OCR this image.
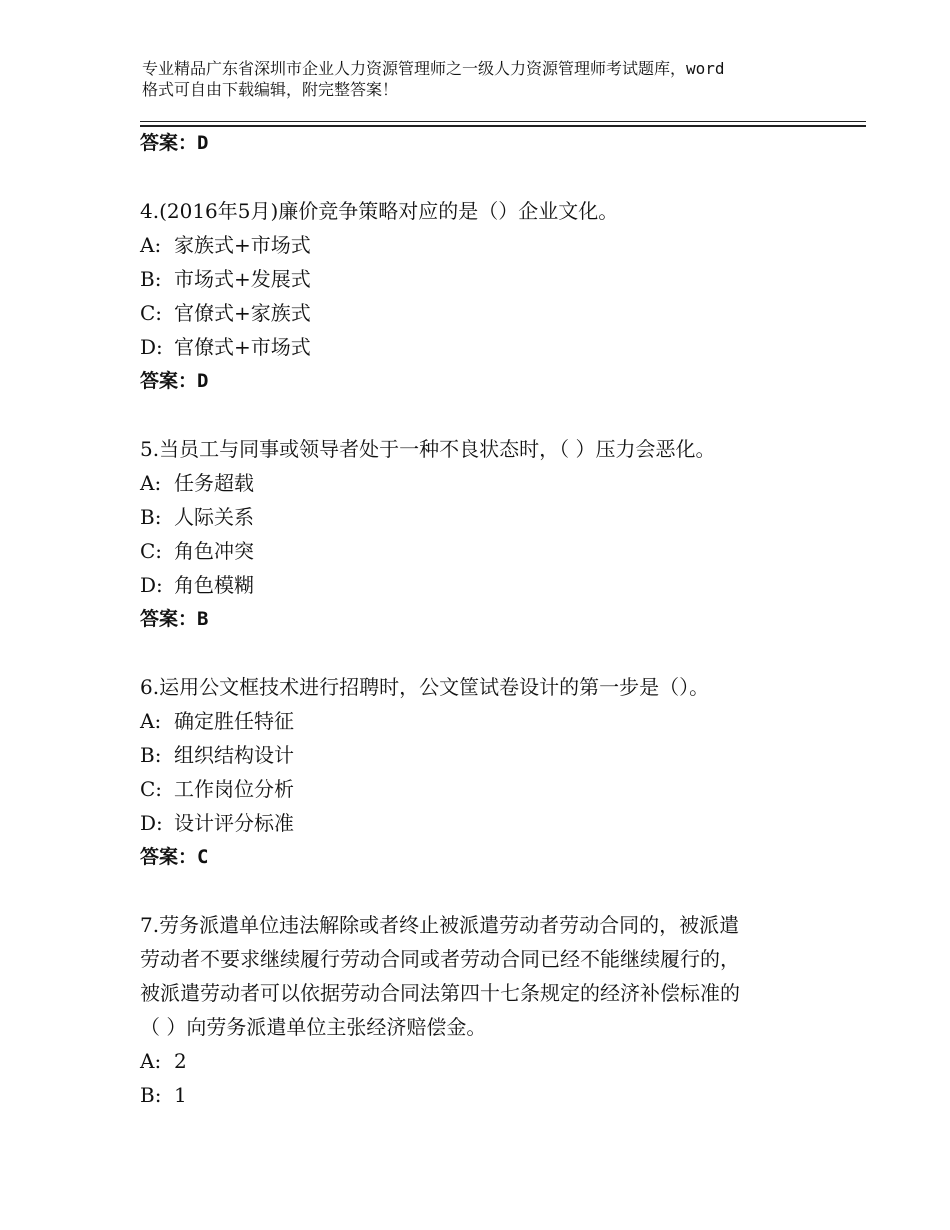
专业精品广东省深圳市企业人力资源管理师之一级人力资源管理师考试题库，word
格式可自由下载编辑，附完整答案！
答案：D
4.(2016年5月)廉价竞争策略对应的是（）企业文化。
A: 家族式+市场式
B: 市场式+发展式
C: 官僚式+家族式
D: 官僚式+市场式
答案：D
5.当员工与同事或领导者处于一种不良状态时，（ ）压力会恶化。
A: 任务超载
B: 人际关系
C: 角色冲突
D: 角色模糊
答案：B
6.运用公文框技术进行招聘时，公文筐试卷设计的第一步是（）。
A: 确定胜任特征
B: 组织结构设计
C: 工作岗位分析
D: 设计评分标准
答案：C
7.劳务派遣单位违法解除或者终止被派遣劳动者劳动合同的，被派遣
劳动者不要求继续履行劳动合同或者劳动合同已经不能继续履行的，
被派遣劳动者可以依据劳动合同法第四十七条规定的经济补偿标准的
（ ）向劳务派遣单位主张经济赔偿金。
A: 2
B: 1
